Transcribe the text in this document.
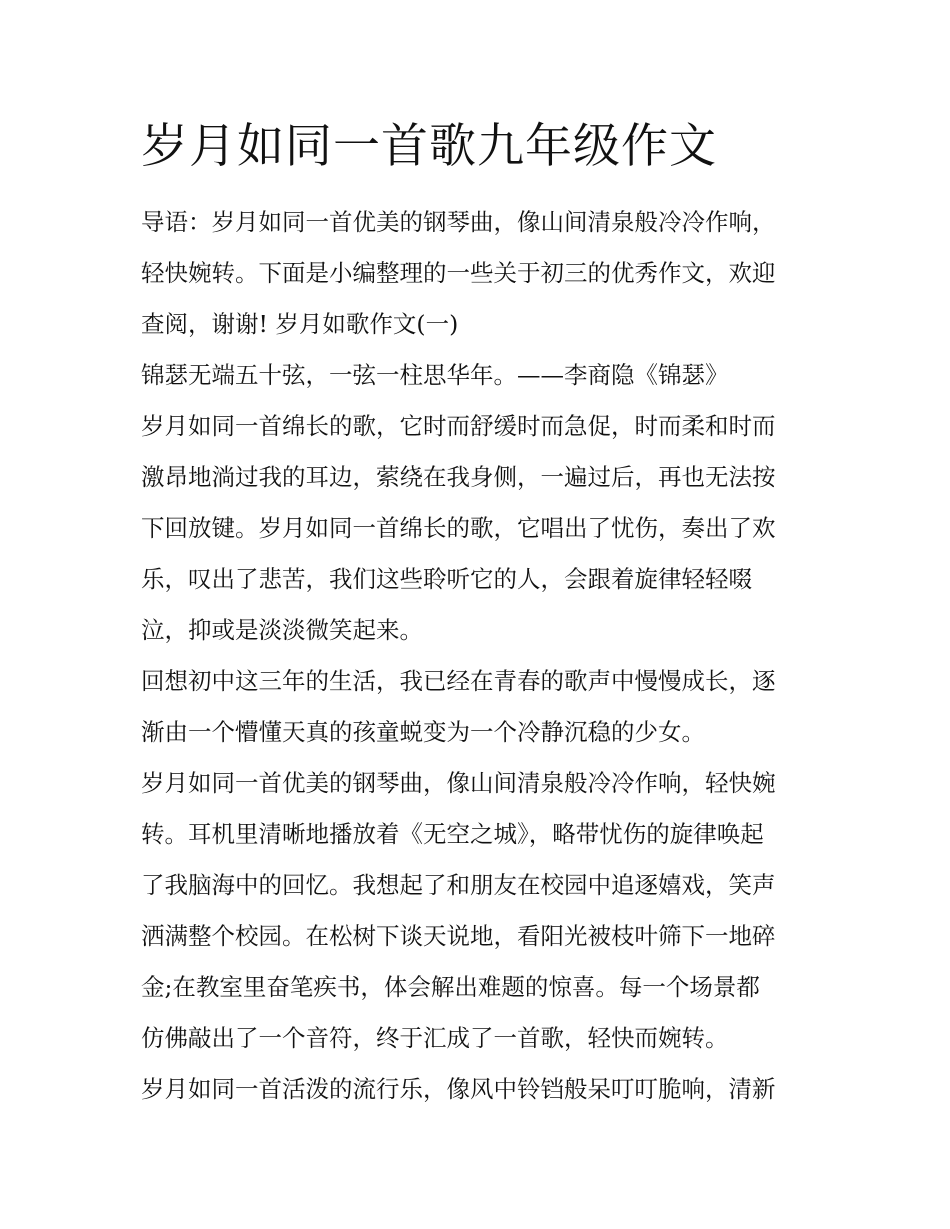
岁月如同一首歌九年级作文

导语：岁月如同一首优美的钢琴曲，像山间清泉般冷冷作响，
轻快婉转。下面是小编整理的一些关于初三的优秀作文，欢迎
查阅，谢谢! 岁月如歌作文(一)

锦瑟无端五十弦，一弦一柱思华年。——李商隐《锦瑟》

岁月如同一首绵长的歌，它时而舒缓时而急促，时而柔和时而
激昂地淌过我的耳边，萦绕在我身侧，一遍过后，再也无法按
下回放键。岁月如同一首绵长的歌，它唱出了忧伤，奏出了欢
乐，叹出了悲苦，我们这些聆听它的人，会跟着旋律轻轻啜
泣，抑或是淡淡微笑起来。

回想初中这三年的生活，我已经在青春的歌声中慢慢成长，逐
渐由一个懵懂天真的孩童蜕变为一个冷静沉稳的少女。

岁月如同一首优美的钢琴曲，像山间清泉般冷冷作响，轻快婉
转。耳机里清晰地播放着《无空之城》，略带忧伤的旋律唤起
了我脑海中的回忆。我想起了和朋友在校园中追逐嬉戏，笑声
洒满整个校园。在松树下谈天说地，看阳光被枝叶筛下一地碎
金;在教室里奋笔疾书，体会解出难题的惊喜。每一个场景都
仿佛敲出了一个音符，终于汇成了一首歌，轻快而婉转。

岁月如同一首活泼的流行乐，像风中铃铛般呆叮叮脆响，清新
